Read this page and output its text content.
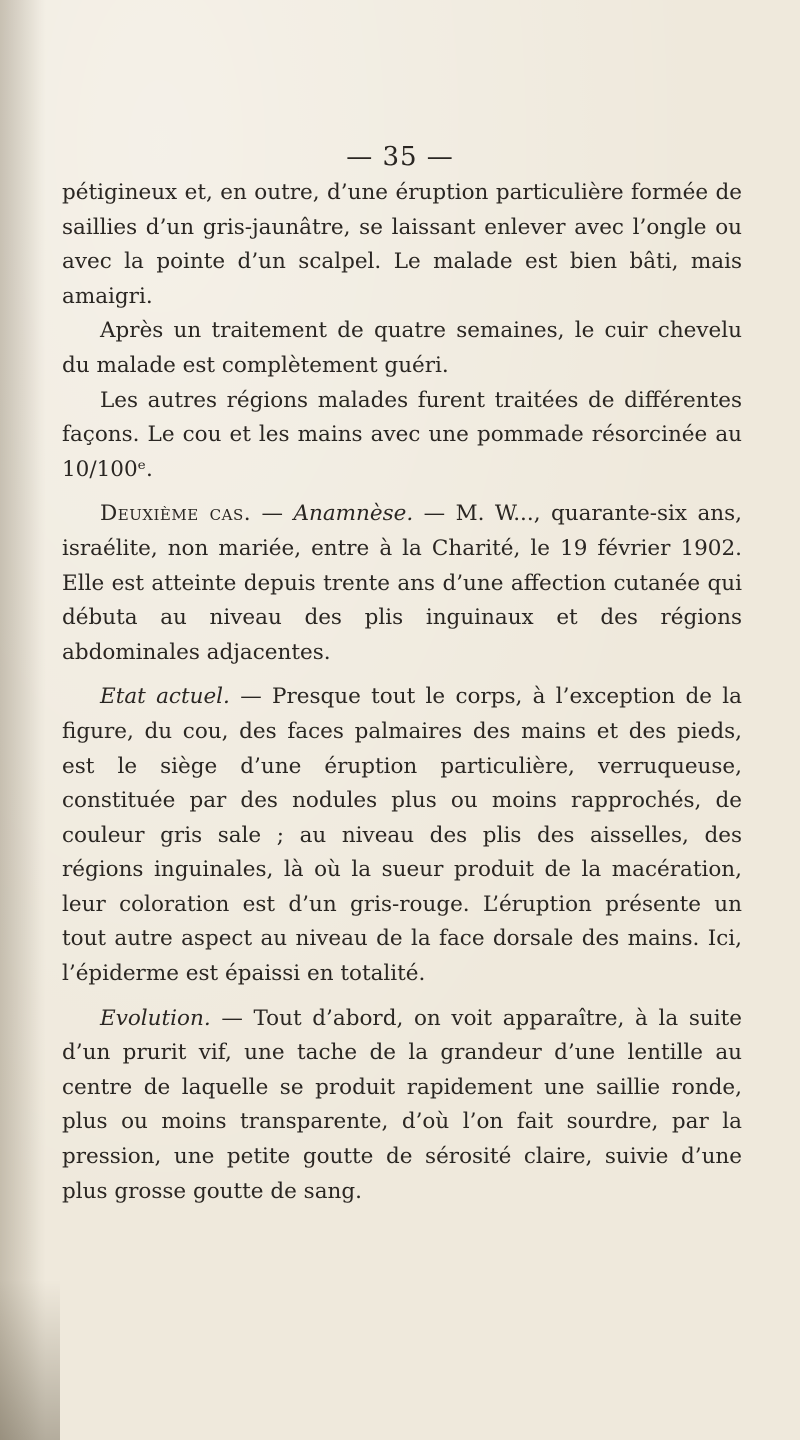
— 35 —

pétigineux et, en outre, d’une éruption particulière formée de saillies d’un gris-jaunâtre, se laissant enlever avec l’ongle ou avec la pointe d’un scalpel. Le malade est bien bâti, mais amaigri.

Après un traitement de quatre semaines, le cuir chevelu du malade est complètement guéri.

Les autres régions malades furent traitées de différentes façons. Le cou et les mains avec une pommade résorcinée au 10/100ᵉ.

Deuxième cas. — Anamnèse. — M. W..., quarante-six ans, israélite, non mariée, entre à la Charité, le 19 février 1902. Elle est atteinte depuis trente ans d’une affection cutanée qui débuta au niveau des plis inguinaux et des régions abdominales adjacentes.

Etat actuel. — Presque tout le corps, à l’exception de la figure, du cou, des faces palmaires des mains et des pieds, est le siège d’une éruption particulière, verruqueuse, constituée par des nodules plus ou moins rapprochés, de couleur gris sale ; au niveau des plis des aisselles, des régions inguinales, là où la sueur produit de la macération, leur coloration est d’un gris-rouge. L’éruption présente un tout autre aspect au niveau de la face dorsale des mains. Ici, l’épiderme est épaissi en totalité.

Evolution. — Tout d’abord, on voit apparaître, à la suite d’un prurit vif, une tache de la grandeur d’une lentille au centre de laquelle se produit rapidement une saillie ronde, plus ou moins transparente, d’où l’on fait sourdre, par la pression, une petite goutte de sérosité claire, suivie d’une plus grosse goutte de sang.
